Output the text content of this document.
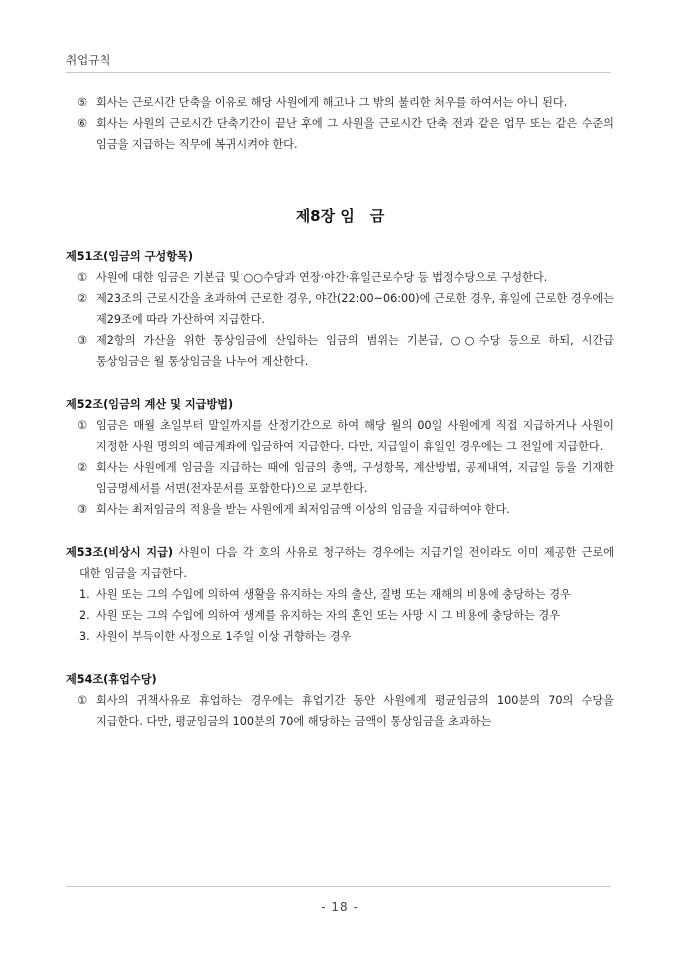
취업규칙
⑤ 회사는 근로시간 단축을 이유로 해당 사원에게 해고나 그 밖의 불리한 처우를 하여서는 아니 된다.
⑥ 회사는 사원의 근로시간 단축기간이 끝난 후에 그 사원을 근로시간 단축 전과 같은 업무 또는 같은 수준의 임금을 지급하는 직무에 복귀시켜야 한다.
제8장 임　금
제51조(임금의 구성항목)
① 사원에 대한 임금은 기본급 및 ○○수당과 연장·야간·휴일근로수당 등 법정수당으로 구성한다.
② 제23조의 근로시간을 초과하여 근로한 경우, 야간(22:00~06:00)에 근로한 경우, 휴일에 근로한 경우에는 제29조에 따라 가산하여 지급한다.
③ 제2항의 가산을 위한 통상임금에 산입하는 임금의 범위는 기본급, ○○수당 등으로 하되, 시간급 통상임금은 월 통상임금을 나누어 계산한다.
제52조(임금의 계산 및 지급방법)
① 임금은 매월 초일부터 말일까지를 산정기간으로 하여 해당 월의 00일 사원에게 직접 지급하거나 사원이 지정한 사원 명의의 예금계좌에 입금하여 지급한다. 다만, 지급일이 휴일인 경우에는 그 전일에 지급한다.
② 회사는 사원에게 임금을 지급하는 때에 임금의 총액, 구성항목, 계산방법, 공제내역, 지급일 등을 기재한 임금명세서를 서면(전자문서를 포함한다)으로 교부한다.
③ 회사는 최저임금의 적용을 받는 사원에게 최저임금액 이상의 임금을 지급하여야 한다.
제53조(비상시 지급) 사원이 다음 각 호의 사유로 청구하는 경우에는 지급기일 전이라도 이미 제공한 근로에 대한 임금을 지급한다.
1. 사원 또는 그의 수입에 의하여 생활을 유지하는 자의 출산, 질병 또는 재해의 비용에 충당하는 경우
2. 사원 또는 그의 수입에 의하여 생계를 유지하는 자의 혼인 또는 사망 시 그 비용에 충당하는 경우
3. 사원이 부득이한 사정으로 1주일 이상 귀향하는 경우
제54조(휴업수당)
① 회사의 귀책사유로 휴업하는 경우에는 휴업기간 동안 사원에게 평균임금의 100분의 70의 수당을 지급한다. 다만, 평균임금의 100분의 70에 해당하는 금액이 통상임금을 초과하는
- 18 -
